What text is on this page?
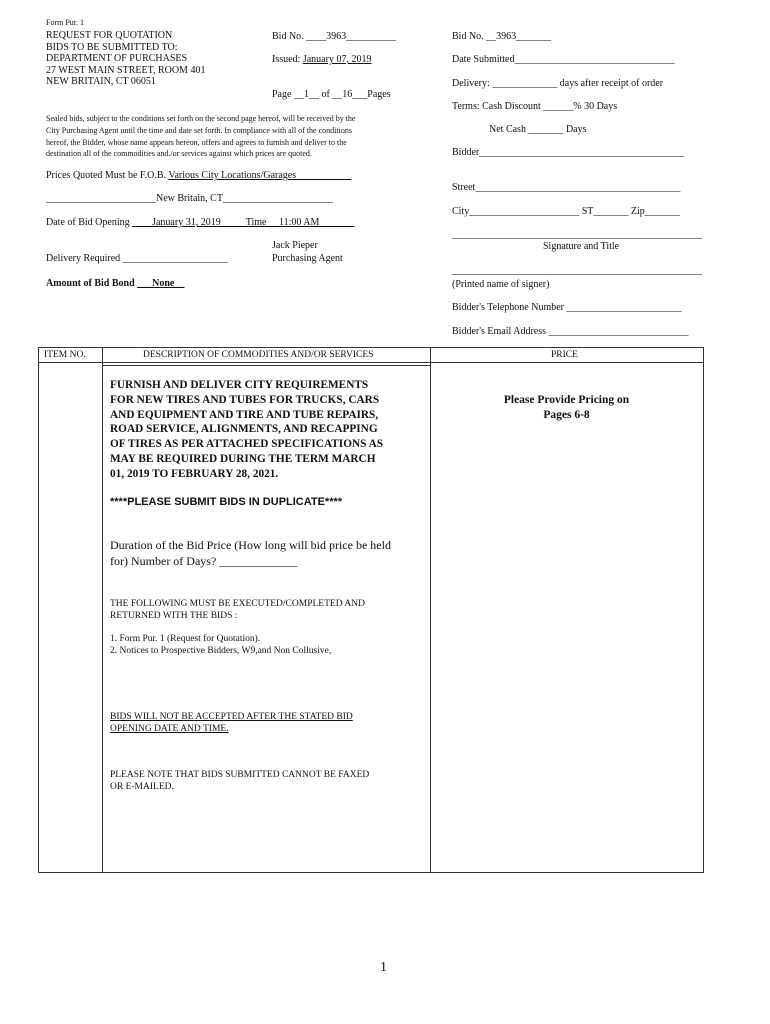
Form Pur. 1
REQUEST FOR QUOTATION
BIDS TO BE SUBMITTED TO:
DEPARTMENT OF PURCHASES
27 WEST MAIN STREET, ROOM 401
NEW BRITAIN, CT 06051
Bid No. ____3963__________
Issued: January 07, 2019
Page __1__ of __16___Pages
Sealed bids, subject to the conditions set forth on the second page hereof, will be received by the
City Purchasing Agent until the time and date set forth. In compliance with all of the conditions
hereof, the Bidder, whose name appears hereon, offers and agrees to furnish and deliver to the
destination all of the commodities and./or services against which prices are quoted.
Prices Quoted Must be F.O.B. Various City Locations/Garages___________
______________________New Britain, CT______________________
Date of Bid Opening ____January 31, 2019_____Time __11:00 AM_______
Jack Pieper
Purchasing Agent
Delivery Required _____________________
Amount of Bid Bond ___None__
Bid No. __3963_______
Date Submitted________________________________
Delivery: _____________ days after receipt of order
Terms: Cash Discount ______% 30 Days
Net Cash _______ Days
Bidder_________________________________________
Street_________________________________________
City______________________ ST_______ Zip_______
__________________________________________________
Signature and Title
__________________________________________________
(Printed name of signer)
Bidder's Telephone Number _______________________
Bidder's Email Address ____________________________
ITEM NO.	DESCRIPTION OF COMMODITIES AND/OR SERVICES	PRICE
FURNISH AND DELIVER CITY REQUIREMENTS
FOR NEW TIRES AND TUBES FOR TRUCKS, CARS
AND EQUIPMENT AND TIRE AND TUBE REPAIRS,
ROAD SERVICE, ALIGNMENTS, AND RECAPPING
OF TIRES AS PER ATTACHED SPECIFICATIONS AS
MAY BE REQUIRED DURING THE TERM MARCH
01, 2019 TO FEBRUARY 28, 2021.
****PLEASE SUBMIT BIDS IN DUPLICATE****
Duration of the Bid Price (How long will bid price be held
for) Number of Days? _____________
THE FOLLOWING MUST BE EXECUTED/COMPLETED AND
RETURNED WITH THE BIDS :
1. Form Pur. 1 (Request for Quotation).
2. Notices to Prospective Bidders, W9,and Non Collusive,
BIDS WILL NOT BE ACCEPTED AFTER THE STATED BID
OPENING DATE AND TIME.
PLEASE NOTE THAT BIDS SUBMITTED CANNOT BE FAXED
OR E-MAILED.
Please Provide Pricing on
Pages 6-8
1
